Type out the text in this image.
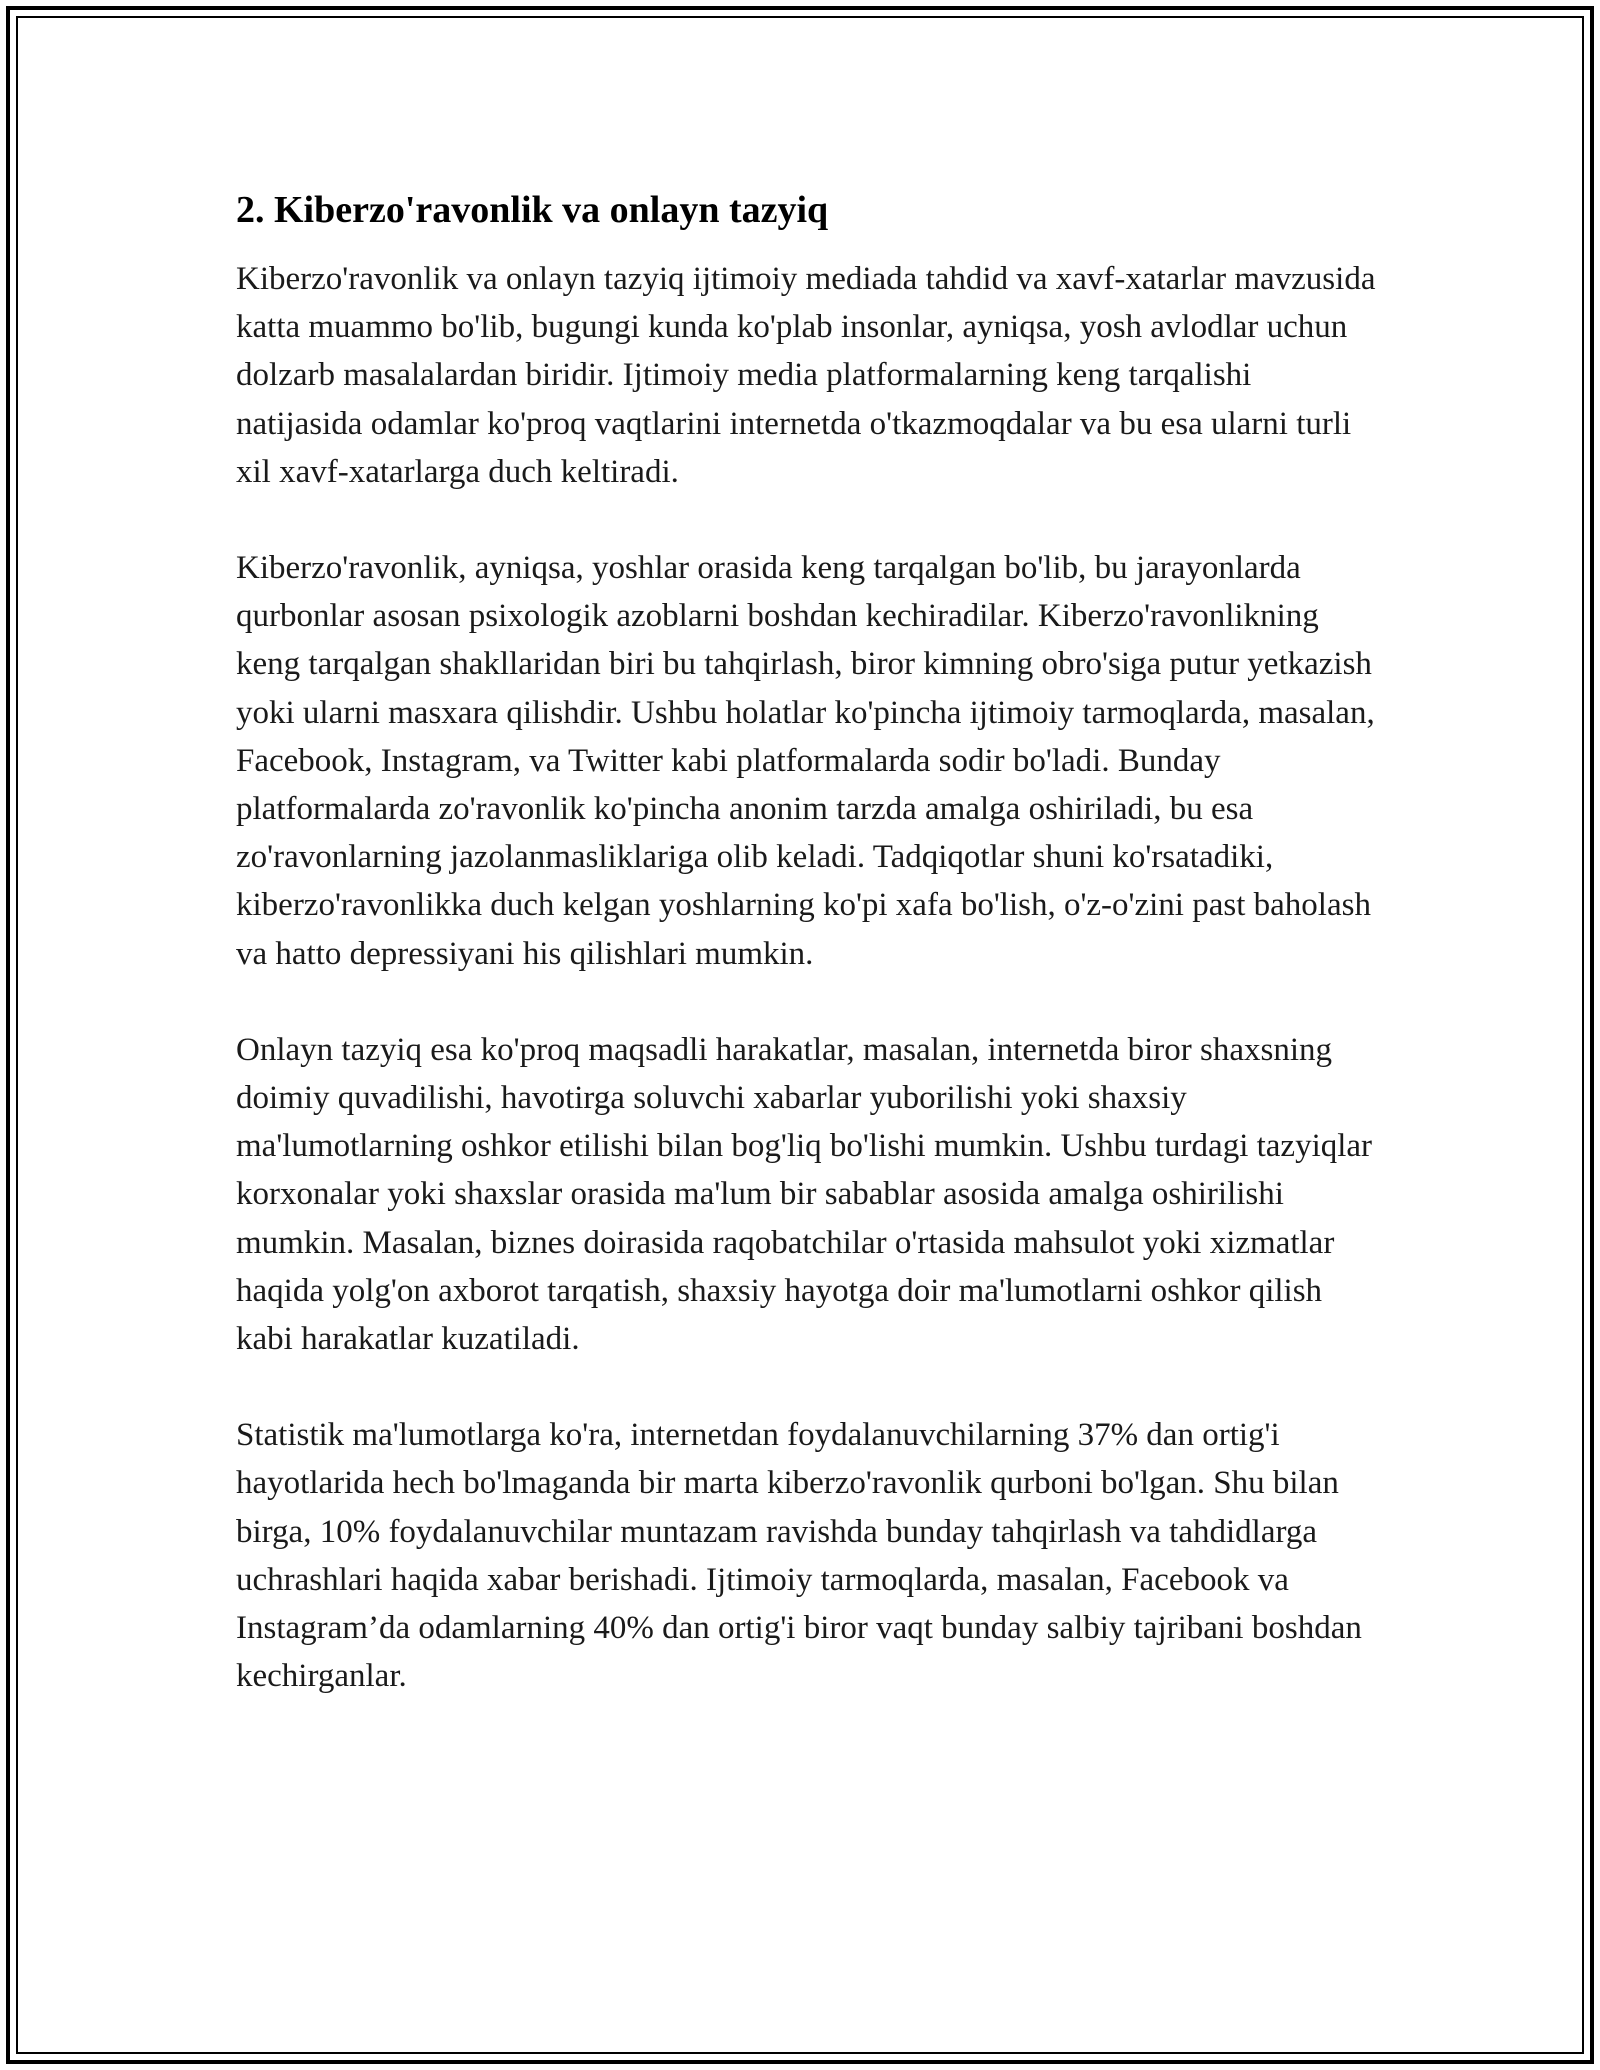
2. Kiberzo'ravonlik va onlayn tazyiq

Kiberzo'ravonlik va onlayn tazyiq ijtimoiy mediada tahdid va xavf-xatarlar mavzusida katta muammo bo'lib, bugungi kunda ko'plab insonlar, ayniqsa, yosh avlodlar uchun dolzarb masalalardan biridir. Ijtimoiy media platformalarning keng tarqalishi natijasida odamlar ko'proq vaqtlarini internetda o'tkazmoqdalar va bu esa ularni turli xil xavf-xatarlarga duch keltiradi.

Kiberzo'ravonlik, ayniqsa, yoshlar orasida keng tarqalgan bo'lib, bu jarayonlarda qurbonlar asosan psixologik azoblarni boshdan kechiradilar. Kiberzo'ravonlikning keng tarqalgan shakllaridan biri bu tahqirlash, biror kimning obro'siga putur yetkazish yoki ularni masxara qilishdir. Ushbu holatlar ko'pincha ijtimoiy tarmoqlarda, masalan, Facebook, Instagram, va Twitter kabi platformalarda sodir bo'ladi. Bunday platformalarda zo'ravonlik ko'pincha anonim tarzda amalga oshiriladi, bu esa zo'ravonlarning jazolanmasliklariga olib keladi. Tadqiqotlar shuni ko'rsatadiki, kiberzo'ravonlikka duch kelgan yoshlarning ko'pi xafa bo'lish, o'z-o'zini past baholash va hatto depressiyani his qilishlari mumkin.

Onlayn tazyiq esa ko'proq maqsadli harakatlar, masalan, internetda biror shaxsning doimiy quvadilishi, havotirga soluvchi xabarlar yuborilishi yoki shaxsiy ma'lumotlarning oshkor etilishi bilan bog'liq bo'lishi mumkin. Ushbu turdagi tazyiqlar korxonalar yoki shaxslar orasida ma'lum bir sabablar asosida amalga oshirilishi mumkin. Masalan, biznes doirasida raqobatchilar o'rtasida mahsulot yoki xizmatlar haqida yolg'on axborot tarqatish, shaxsiy hayotga doir ma'lumotlarni oshkor qilish kabi harakatlar kuzatiladi.

Statistik ma'lumotlarga ko'ra, internetdan foydalanuvchilarning 37% dan ortig'i hayotlarida hech bo'lmaganda bir marta kiberzo'ravonlik qurboni bo'lgan. Shu bilan birga, 10% foydalanuvchilar muntazam ravishda bunday tahqirlash va tahdidlarga uchrashlari haqida xabar berishadi. Ijtimoiy tarmoqlarda, masalan, Facebook va Instagram’da odamlarning 40% dan ortig'i biror vaqt bunday salbiy tajribani boshdan kechirganlar.
